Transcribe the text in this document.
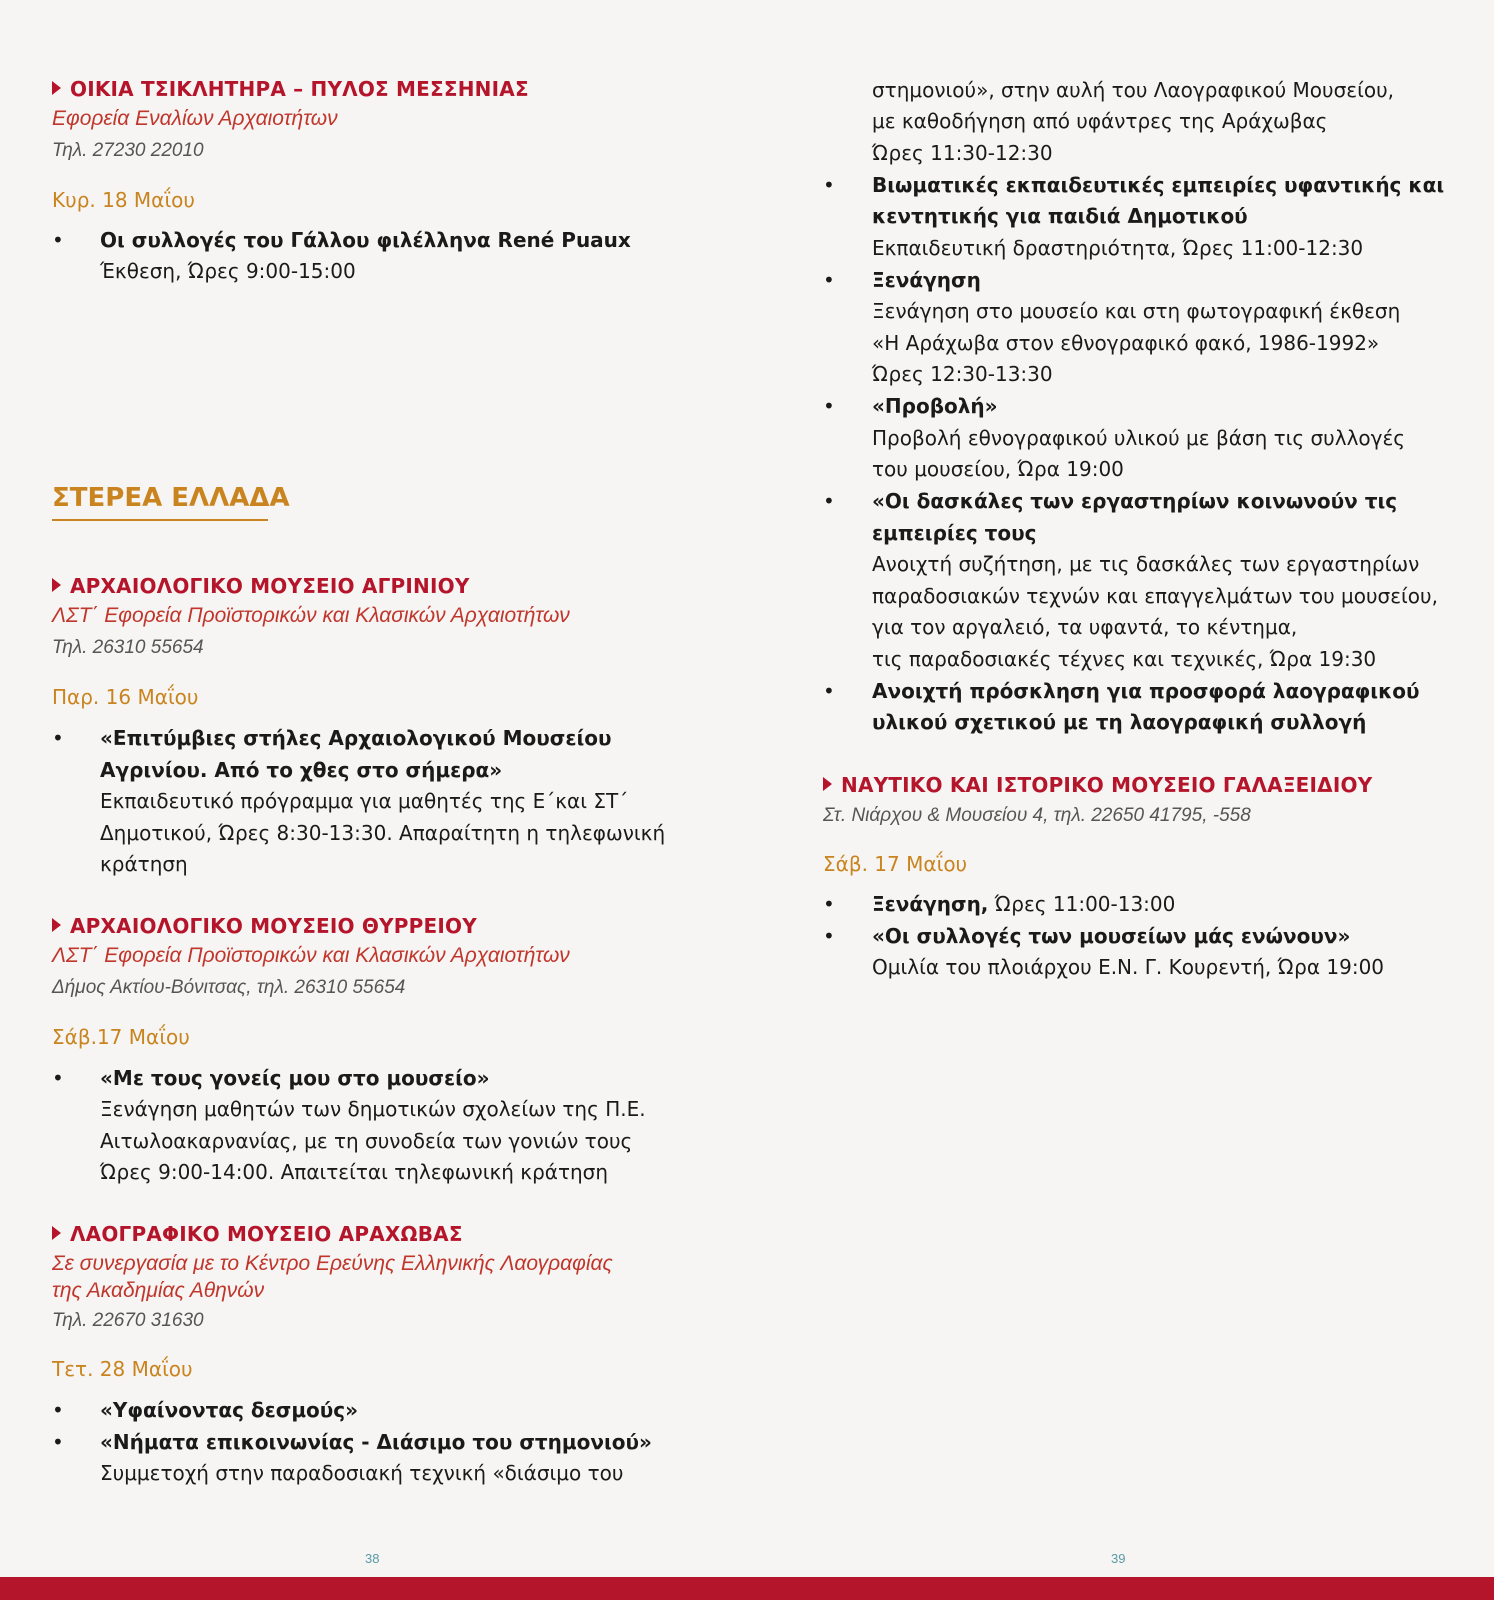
ΟΙΚΙΑ ΤΣΙΚΛΗΤΗΡΑ – ΠΥΛΟΣ ΜΕΣΣΗΝΙΑΣ
Εφορεία Εναλίων Αρχαιοτήτων
Τηλ. 27230 22010
Κυρ. 18 Μαΐου
• Οι συλλογές του Γάλλου φιλέλληνα René Puaux
Έκθεση, Ώρες 9:00-15:00
ΣΤΕΡΕΑ ΕΛΛΑΔΑ
ΑΡΧΑΙΟΛΟΓΙΚΟ ΜΟΥΣΕΙΟ ΑΓΡΙΝΙΟΥ
ΛΣΤ΄ Εφορεία Προϊστορικών και Κλασικών Αρχαιοτήτων
Τηλ. 26310 55654
Παρ. 16 Μαΐου
• «Επιτύμβιες στήλες Αρχαιολογικού Μουσείου
Αγρινίου. Από το χθες στο σήμερα»
Εκπαιδευτικό πρόγραμμα για μαθητές της Ε΄και ΣΤ΄
Δημοτικού, Ώρες 8:30-13:30. Απαραίτητη η τηλεφωνική
κράτηση
ΑΡΧΑΙΟΛΟΓΙΚΟ ΜΟΥΣΕΙΟ ΘΥΡΡΕΙΟΥ
ΛΣΤ΄ Εφορεία Προϊστορικών και Κλασικών Αρχαιοτήτων
Δήμος Ακτίου-Βόνιτσας, τηλ. 26310 55654
Σάβ.17 Μαΐου
• «Με τους γονείς μου στο μουσείο»
Ξενάγηση μαθητών των δημοτικών σχολείων της Π.Ε.
Αιτωλοακαρνανίας, με τη συνοδεία των γονιών τους
Ώρες 9:00-14:00. Απαιτείται τηλεφωνική κράτηση
ΛΑΟΓΡΑΦΙΚΟ ΜΟΥΣΕΙΟ ΑΡΑΧΩΒΑΣ
Σε συνεργασία με το Κέντρο Ερεύνης Ελληνικής Λαογραφίας
της Ακαδημίας Αθηνών
Τηλ. 22670 31630
Τετ. 28 Μαΐου
• «Υφαίνοντας δεσμούς»
• «Νήματα επικοινωνίας - Διάσιμο του στημονιού»
Συμμετοχή στην παραδοσιακή τεχνική «διάσιμο του
38
στημονιού», στην αυλή του Λαογραφικού Μουσείου,
με καθοδήγηση από υφάντρες της Αράχωβας
Ώρες 11:30-12:30
• Βιωματικές εκπαιδευτικές εμπειρίες υφαντικής και
κεντητικής για παιδιά Δημοτικού
Εκπαιδευτική δραστηριότητα, Ώρες 11:00-12:30
• Ξενάγηση
Ξενάγηση στο μουσείο και στη φωτογραφική έκθεση
«Η Αράχωβα στον εθνογραφικό φακό, 1986-1992»
Ώρες 12:30-13:30
• «Προβολή»
Προβολή εθνογραφικού υλικού με βάση τις συλλογές
του μουσείου, Ώρα 19:00
• «Οι δασκάλες των εργαστηρίων κοινωνούν τις
εμπειρίες τους
Ανοιχτή συζήτηση, με τις δασκάλες των εργαστηρίων
παραδοσιακών τεχνών και επαγγελμάτων του μουσείου,
για τον αργαλειό, τα υφαντά, το κέντημα,
τις παραδοσιακές τέχνες και τεχνικές, Ώρα 19:30
• Ανοιχτή πρόσκληση για προσφορά λαογραφικού
υλικού σχετικού με τη λαογραφική συλλογή
ΝΑΥΤΙΚΟ ΚΑΙ ΙΣΤΟΡΙΚΟ ΜΟΥΣΕΙΟ ΓΑΛΑΞΕΙΔΙΟΥ
Στ. Νιάρχου & Μουσείου 4, τηλ. 22650 41795, -558
Σάβ. 17 Μαΐου
• Ξενάγηση, Ώρες 11:00-13:00
• «Οι συλλογές των μουσείων μάς ενώνουν»
Ομιλία του πλοιάρχου Ε.Ν. Γ. Κουρεντή, Ώρα 19:00
39
